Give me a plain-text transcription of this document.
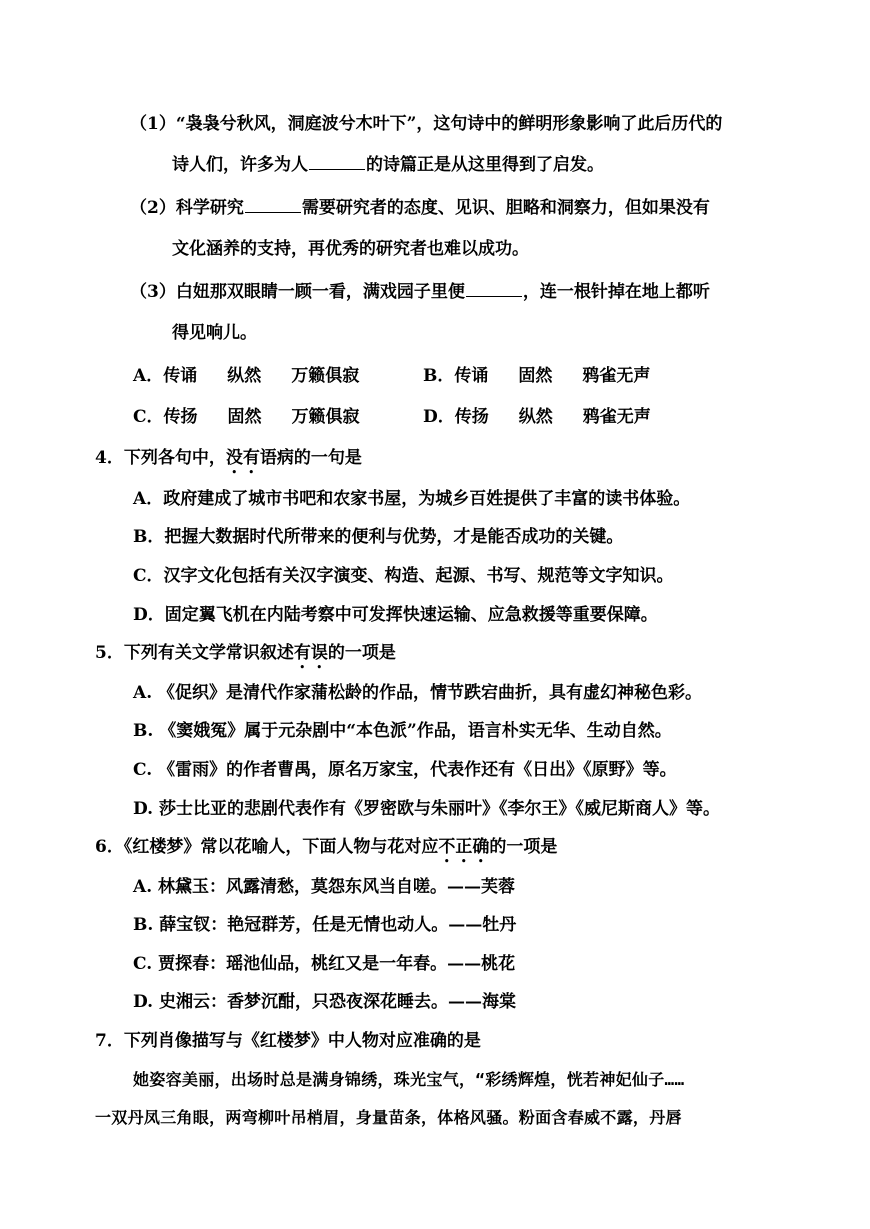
（1）“袅袅兮秋风，洞庭波兮木叶下”，这句诗中的鲜明形象影响了此后历代的
诗人们，许多为人	的诗篇正是从这里得到了启发。
（2）科学研究	需要研究者的态度、见识、胆略和洞察力，但如果没有
文化涵养的支持，再优秀的研究者也难以成功。
（3）白妞那双眼睛一顾一看，满戏园子里便	，连一根针掉在地上都听
得见响儿。
A．传诵 纵然 万籁俱寂	B．传诵 固然 鸦雀无声
C．传扬 固然 万籁俱寂	D．传扬 纵然 鸦雀无声
4．下列各句中，没有语病的一句是
A．政府建成了城市书吧和农家书屋，为城乡百姓提供了丰富的读书体验。
B．把握大数据时代所带来的便利与优势，才是能否成功的关键。
C．汉字文化包括有关汉字演变、构造、起源、书写、规范等文字知识。
D．固定翼飞机在内陆考察中可发挥快速运输、应急救援等重要保障。
5．下列有关文学常识叙述有误的一项是
A. 《促织》是清代作家蒲松龄的作品，情节跌宕曲折，具有虚幻神秘色彩。
B. 《窦娥冤》属于元杂剧中“本色派”作品，语言朴实无华、生动自然。
C. 《雷雨》的作者曹禺，原名万家宝，代表作还有《日出》《原野》等。
D. 莎士比亚的悲剧代表作有《罗密欧与朱丽叶》《李尔王》《威尼斯商人》等。
6．《红楼梦》常以花喻人，下面人物与花对应不正确的一项是
A. 林黛玉：风露清愁，莫怨东风当自嗟。——芙蓉
B. 薛宝钗：艳冠群芳，任是无情也动人。——牡丹
C. 贾探春：瑶池仙品，桃红又是一年春。——桃花
D. 史湘云：香梦沉酣，只恐夜深花睡去。——海棠
7．下列肖像描写与《红楼梦》中人物对应准确的是
她姿容美丽，出场时总是满身锦绣，珠光宝气，“彩绣辉煌，恍若神妃仙子……
一双丹凤三角眼，两弯柳叶吊梢眉，身量苗条，体格风骚。粉面含春威不露，丹唇
